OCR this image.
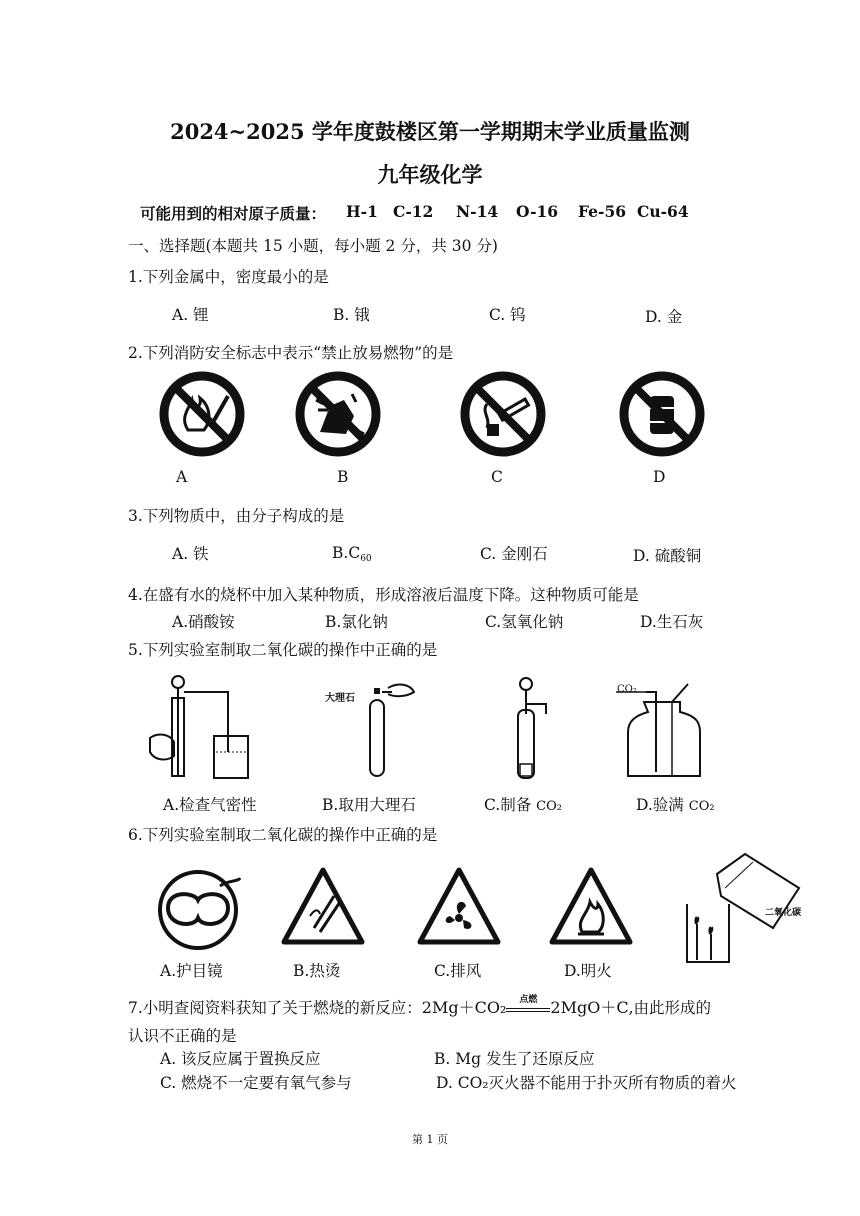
2024~2025 学年度鼓楼区第一学期期末学业质量监测
九年级化学
可能用到的相对原子质量： H-1 C-12 N-14 O-16 Fe-56 Cu-64
一、选择题(本题共 15 小题，每小题 2 分，共 30 分)
1.下列金属中，密度最小的是
A. 锂	B. 锇	C. 钨	D. 金
2.下列消防安全标志中表示“禁止放易燃物”的是
A	B	C	D
3.下列物质中，由分子构成的是
A. 铁	$B.C_{60}$	C. 金刚石	D. 硫酸铜
4.在盛有水的烧杯中加入某种物质，形成溶液后温度下降。这种物质可能是
A.硝酸铵	B.氯化钠	C.氢氧化钠	D.生石灰
5.下列实验室制取二氧化碳的操作中正确的是
大理石
CO₂
A.检查气密性	B.取用大理石	C.制备 CO₂	D.验满 CO₂
6.下列实验室制取二氧化碳的操作中正确的是
二氧化碳
A.护目镜	B.热烫	C.排风	D.明火
7.小明查阅资料获知了关于燃烧的新反应：2Mg＋CO₂	点燃 2MgO＋C,由此形成的
认识不正确的是
A. 该反应属于置换反应	B. Mg 发生了还原反应
C. 燃烧不一定要有氧气参与	D. CO₂灭火器不能用于扑灭所有物质的着火
第 1 页
